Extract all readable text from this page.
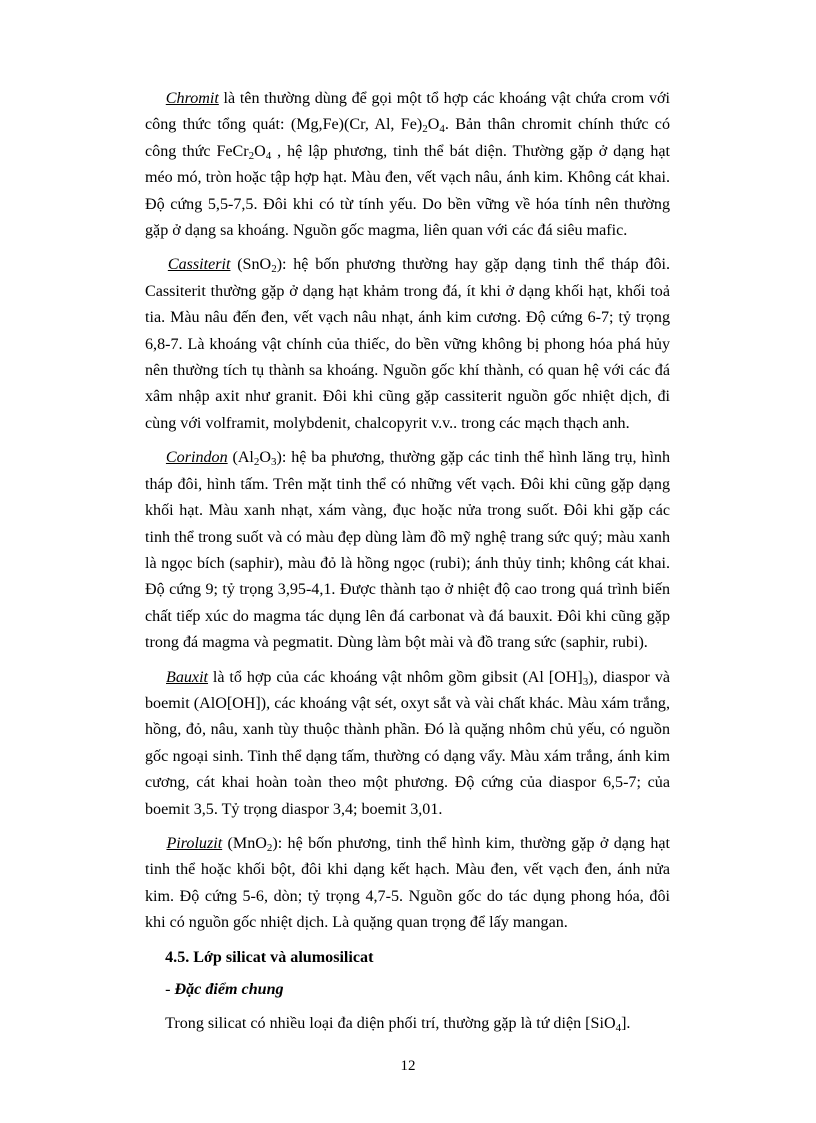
  Chromit là tên thường dùng để gọi một tổ hợp các khoáng vật chứa crom với công thức tổng quát: (Mg,Fe)(Cr, Al, $Fe)_2O_4$. Bản thân chromit chính thức có công thức $FeCr_2O_4$ , hệ lập phương, tinh thể bát diện. Thường gặp ở dạng hạt méo mó, tròn hoặc tập hợp hạt. Màu đen, vết vạch nâu, ánh kim. Không cát khai. Độ cứng 5,5-7,5. Đôi khi có từ tính yếu. Do bền vững về hóa tính nên thường gặp ở dạng sa khoáng. Nguồn gốc magma, liên quan với các đá siêu mafic.

  Cassiterit (SnO$_2$): hệ bốn phương thường hay gặp dạng tinh thể tháp đôi. Cassiterit thường gặp ở dạng hạt khảm trong đá, ít khi ở dạng khối hạt, khối toả tia. Màu nâu đến đen, vết vạch nâu nhạt, ánh kim cương. Độ cứng 6-7; tỷ trọng 6,8-7. Là khoáng vật chính của thiếc, do bền vững không bị phong hóa phá hủy nên thường tích tụ thành sa khoáng. Nguồn gốc khí thành, có quan hệ với các đá xâm nhập axit như granit. Đôi khi cũng gặp cassiterit nguồn gốc nhiệt dịch, đi cùng với volframit, molybdenit, chalcopyrit v.v.. trong các mạch thạch anh.

  Corindon $(Al_2O_3)$: hệ ba phương, thường gặp các tinh thể hình lăng trụ, hình tháp đôi, hình tấm. Trên mặt tinh thể có những vết vạch. Đôi khi cũng gặp dạng khối hạt. Màu xanh nhạt, xám vàng, đục hoặc nửa trong suốt. Đôi khi gặp các tinh thể trong suốt và có màu đẹp dùng làm đồ mỹ nghệ trang sức quý; màu xanh là ngọc bích (saphir), màu đỏ là hồng ngọc (rubi); ánh thủy tinh; không cát khai. Độ cứng 9; tỷ trọng 3,95-4,1. Được thành tạo ở nhiệt độ cao trong quá trình biến chất tiếp xúc do magma tác dụng lên đá carbonat và đá bauxit. Đôi khi cũng gặp trong đá magma và pegmatit. Dùng làm bột mài và đồ trang sức (saphir, rubi).

  Bauxit là tổ hợp của các khoáng vật nhôm gồm gibsit (Al $[OH]_3$), diaspor và boemit (AlO[OH]), các khoáng vật sét, oxyt sắt và vài chất khác. Màu xám trắng, hồng, đỏ, nâu, xanh tùy thuộc thành phần. Đó là quặng nhôm chủ yếu, có nguồn gốc ngoại sinh. Tinh thể dạng tấm, thường có dạng vẩy. Màu xám trắng, ánh kim cương, cát khai hoàn toàn theo một phương. Độ cứng của diaspor 6,5-7; của boemit 3,5. Tỷ trọng diaspor 3,4; boemit 3,01.

  Piroluzit (MnO$_2$): hệ bốn phương, tinh thể hình kim, thường gặp ở dạng hạt tinh thể hoặc khối bột, đôi khi dạng kết hạch. Màu đen, vết vạch đen, ánh nửa kim. Độ cứng 5-6, dòn; tỷ trọng 4,7-5. Nguồn gốc do tác dụng phong hóa, đôi khi có nguồn gốc nhiệt dịch. Là quặng quan trọng để lấy mangan.

  4.5. Lớp silicat và alumosilicat

  - Đặc điểm chung

  Trong silicat có nhiều loại đa diện phối trí, thường gặp là tứ diện [SiO$_4$].

12
